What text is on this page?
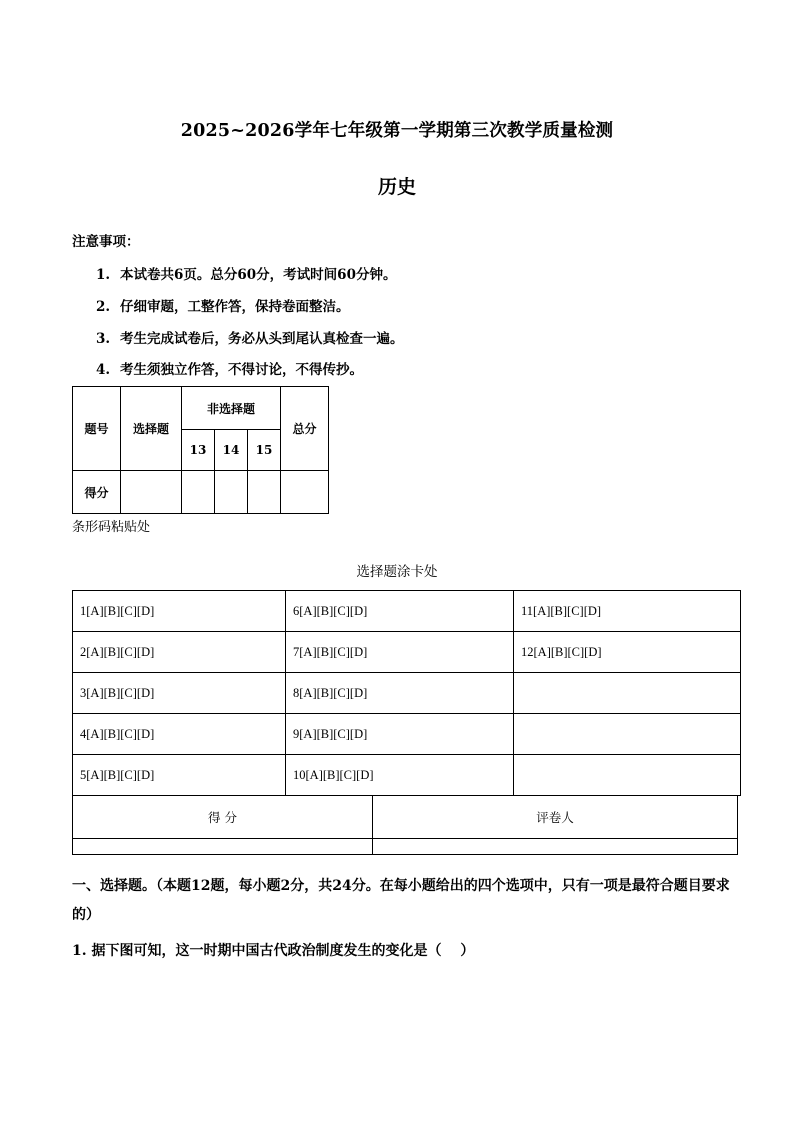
2025~2026学年七年级第一学期第三次教学质量检测
历史
注意事项：
1. 本试卷共6页。总分60分，考试时间60分钟。
2. 仔细审题，工整作答，保持卷面整洁。
3. 考生完成试卷后，务必从头到尾认真检查一遍。
4. 考生须独立作答，不得讨论，不得传抄。
题号	选择题	非选择题			总分
		13	14	15	
得分					
条形码粘贴处
选择题涂卡处
1[A][B][C][D]	6[A][B][C][D]	11[A][B][C][D]
2[A][B][C][D]	7[A][B][C][D]	12[A][B][C][D]
3[A][B][C][D]	8[A][B][C][D]	
4[A][B][C][D]	9[A][B][C][D]	
5[A][B][C][D]	10[A][B][C][D]	
得 分	评卷人

一、选择题。（本题12题，每小题2分，共24分。在每小题给出的四个选项中，只有一项是最符合题目要求的）
1. 据下图可知，这一时期中国古代政治制度发生的变化是（　 ）
